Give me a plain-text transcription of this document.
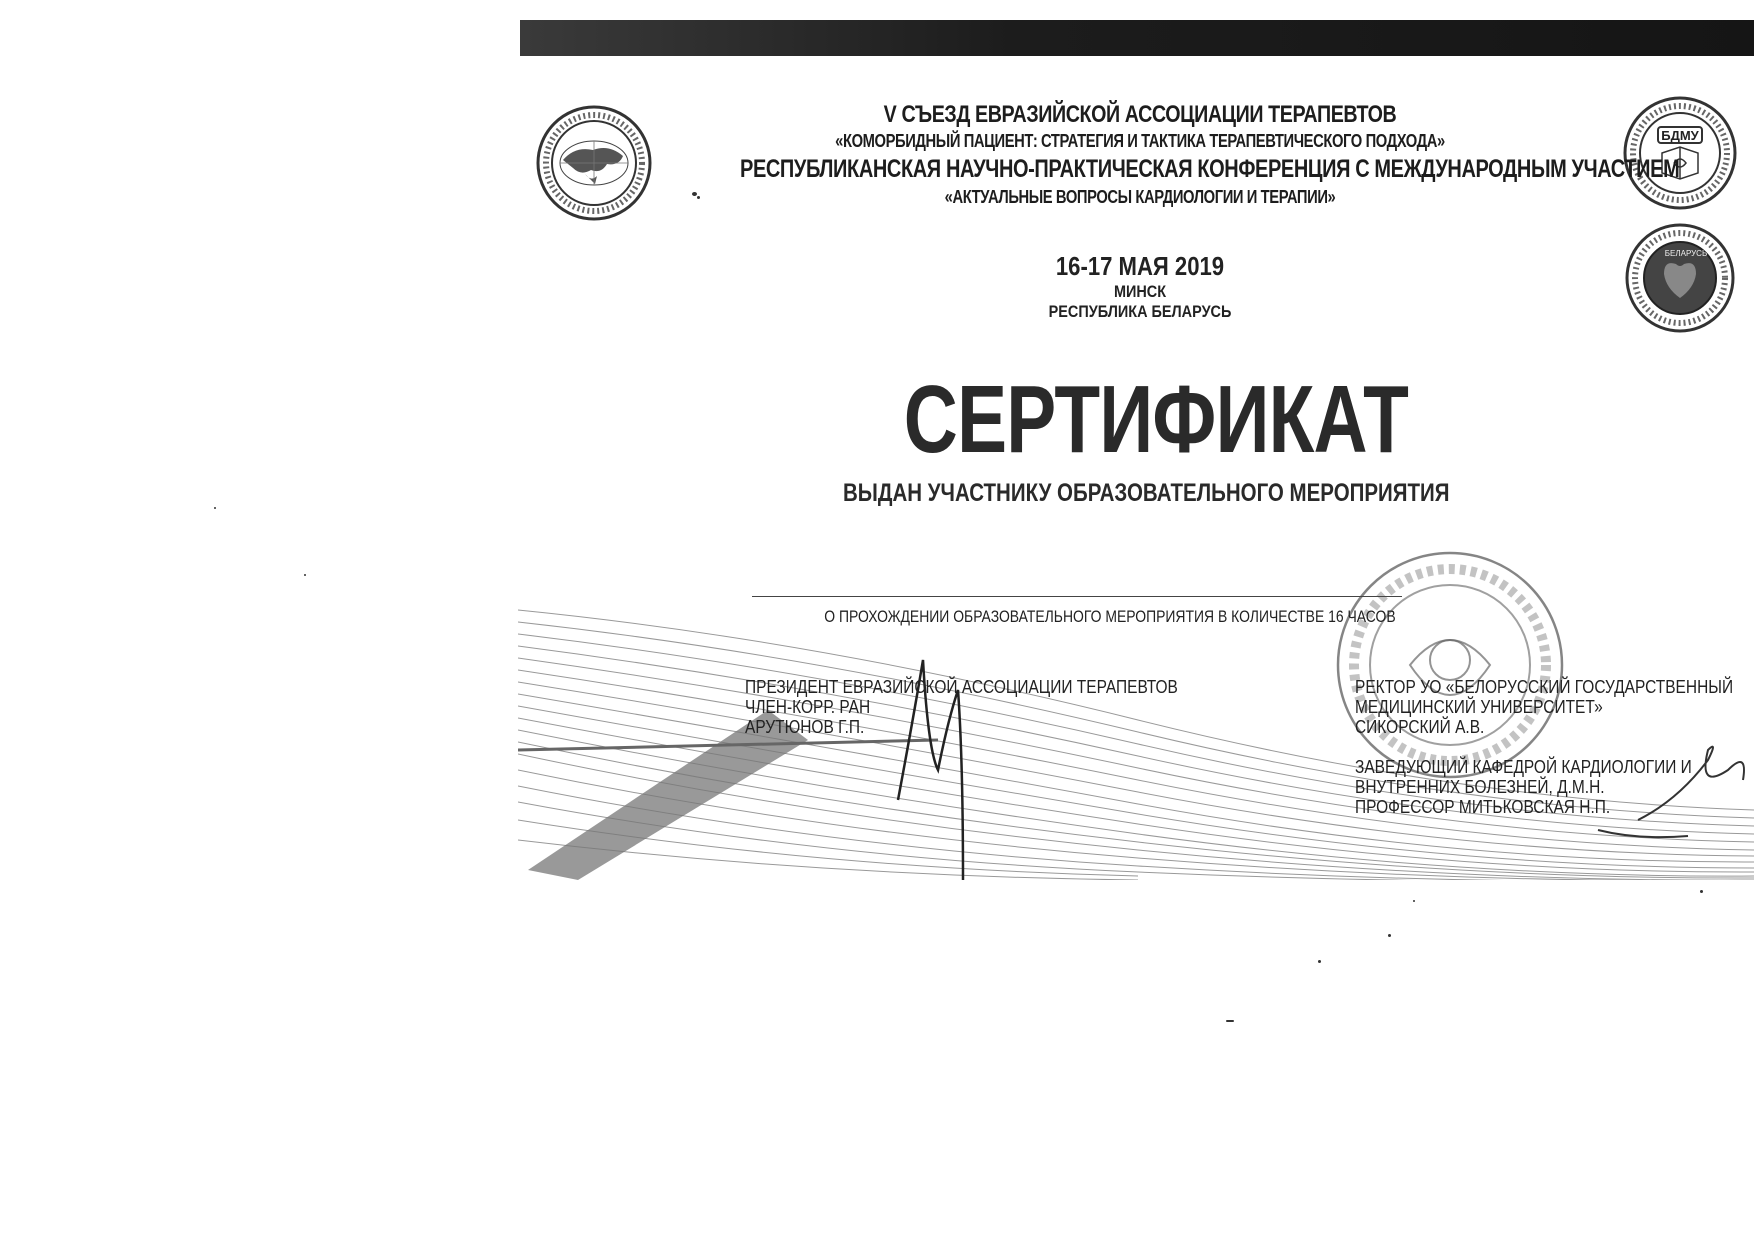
БДМУ
БЕЛАРУСЬ
V СЪЕЗД ЕВРАЗИЙСКОЙ АССОЦИАЦИИ ТЕРАПЕВТОВ
«КОМОРБИДНЫЙ ПАЦИЕНТ: СТРАТЕГИЯ И ТАКТИКА ТЕРАПЕВТИЧЕСКОГО ПОДХОДА»
РЕСПУБЛИКАНСКАЯ НАУЧНО-ПРАКТИЧЕСКАЯ КОНФЕРЕНЦИЯ С МЕЖДУНАРОДНЫМ УЧАСТИЕМ
«АКТУАЛЬНЫЕ ВОПРОСЫ КАРДИОЛОГИИ И ТЕРАПИИ»
16-17 МАЯ 2019
МИНСК
РЕСПУБЛИКА БЕЛАРУСЬ
СЕРТИФИКАТ
ВЫДАН УЧАСТНИКУ ОБРАЗОВАТЕЛЬНОГО МЕРОПРИЯТИЯ
О ПРОХОЖДЕНИИ ОБРАЗОВАТЕЛЬНОГО МЕРОПРИЯТИЯ В КОЛИЧЕСТВЕ 16 ЧАСОВ
ПРЕЗИДЕНТ ЕВРАЗИЙСКОЙ АССОЦИАЦИИ ТЕРАПЕВТОВ
ЧЛЕН-КОРР. РАН
АРУТЮНОВ Г.П.
РЕКТОР УО «БЕЛОРУССКИЙ ГОСУДАРСТВЕННЫЙ
МЕДИЦИНСКИЙ УНИВЕРСИТЕТ»
СИКОРСКИЙ А.В.
ЗАВЕДУЮЩИЙ КАФЕДРОЙ КАРДИОЛОГИИ И
ВНУТРЕННИХ БОЛЕЗНЕЙ, Д.М.Н.
ПРОФЕССОР МИТЬКОВСКАЯ Н.П.
